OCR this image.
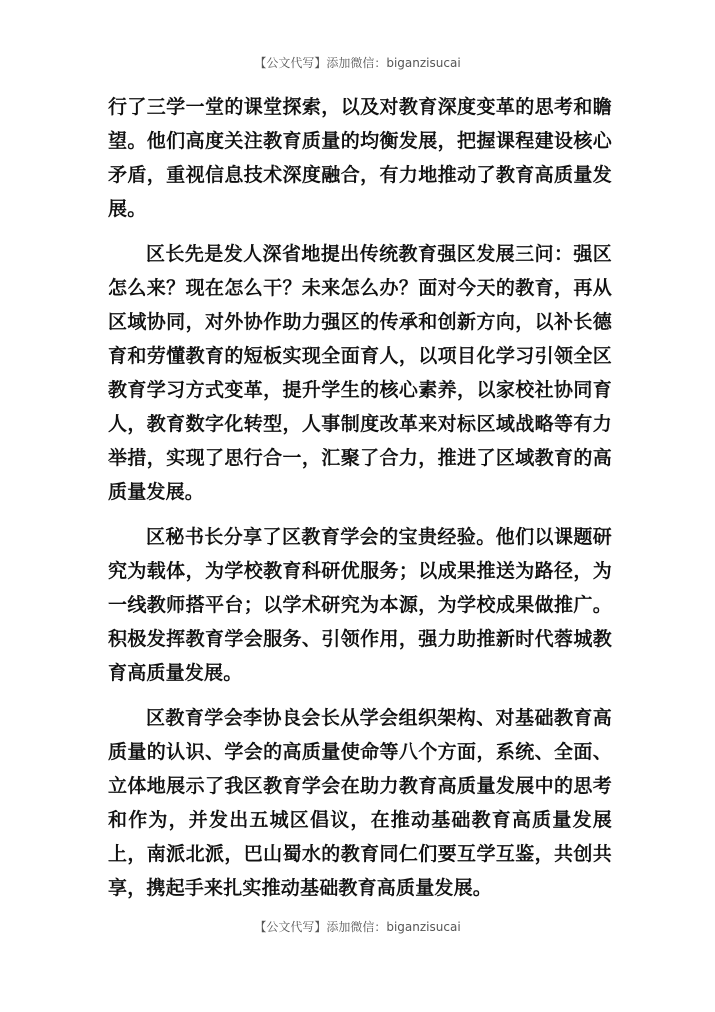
【公文代写】添加微信：biganzisucai

行了三学一堂的课堂探索，以及对教育深度变革的思考和瞻望。他们高度关注教育质量的均衡发展，把握课程建设核心矛盾，重视信息技术深度融合，有力地推动了教育高质量发展。

区长先是发人深省地提出传统教育强区发展三问：强区怎么来？现在怎么干？未来怎么办？面对今天的教育，再从区域协同，对外协作助力强区的传承和创新方向，以补长德育和劳懂教育的短板实现全面育人，以项目化学习引领全区教育学习方式变革，提升学生的核心素养，以家校社协同育人，教育数字化转型，人事制度改革来对标区域战略等有力举措，实现了思行合一，汇聚了合力，推进了区域教育的高质量发展。

区秘书长分享了区教育学会的宝贵经验。他们以课题研究为载体，为学校教育科研优服务；以成果推送为路径，为一线教师搭平台；以学术研究为本源，为学校成果做推广。积极发挥教育学会服务、引领作用，强力助推新时代蓉城教育高质量发展。

区教育学会李协良会长从学会组织架构、对基础教育高质量的认识、学会的高质量使命等八个方面，系统、全面、立体地展示了我区教育学会在助力教育高质量发展中的思考和作为，并发出五城区倡议，在推动基础教育高质量发展上，南派北派，巴山蜀水的教育同仁们要互学互鉴，共创共享，携起手来扎实推动基础教育高质量发展。

【公文代写】添加微信：biganzisucai
